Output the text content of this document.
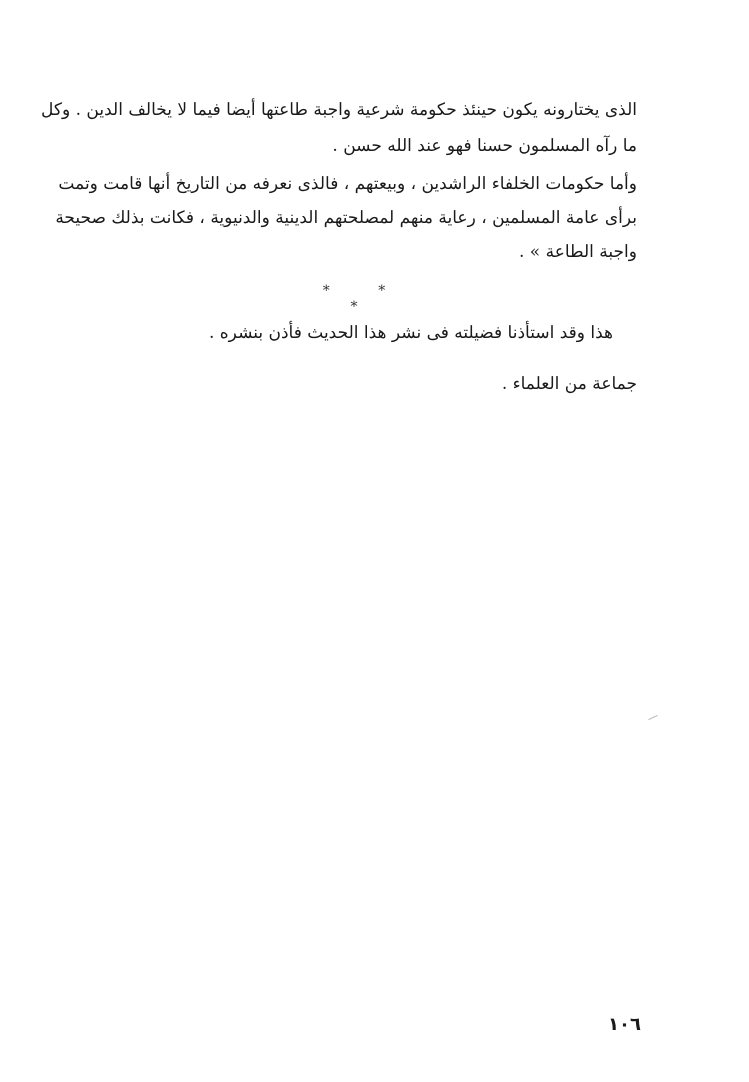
الذى يختارونه يكون حينئذ حكومة شرعية واجبة طاعتها أيضا فيما لا يخالف الدين . وكل
ما رآه المسلمون حسنا فهو عند الله حسن .
وأما حكومات الخلفاء الراشدين ، وبيعتهم ، فالذى نعرفه من التاريخ أنها قامت وتمت
برأى عامة المسلمين ، رعاية منهم لمصلحتهم الدينية والدنيوية ، فكانت بذلك صحيحة
واجبة الطاعة » .
* * *
هذا وقد استأذنا فضيلته فى نشر هذا الحديث فأذن بنشره .
جماعة من العلماء .
١٠٦
